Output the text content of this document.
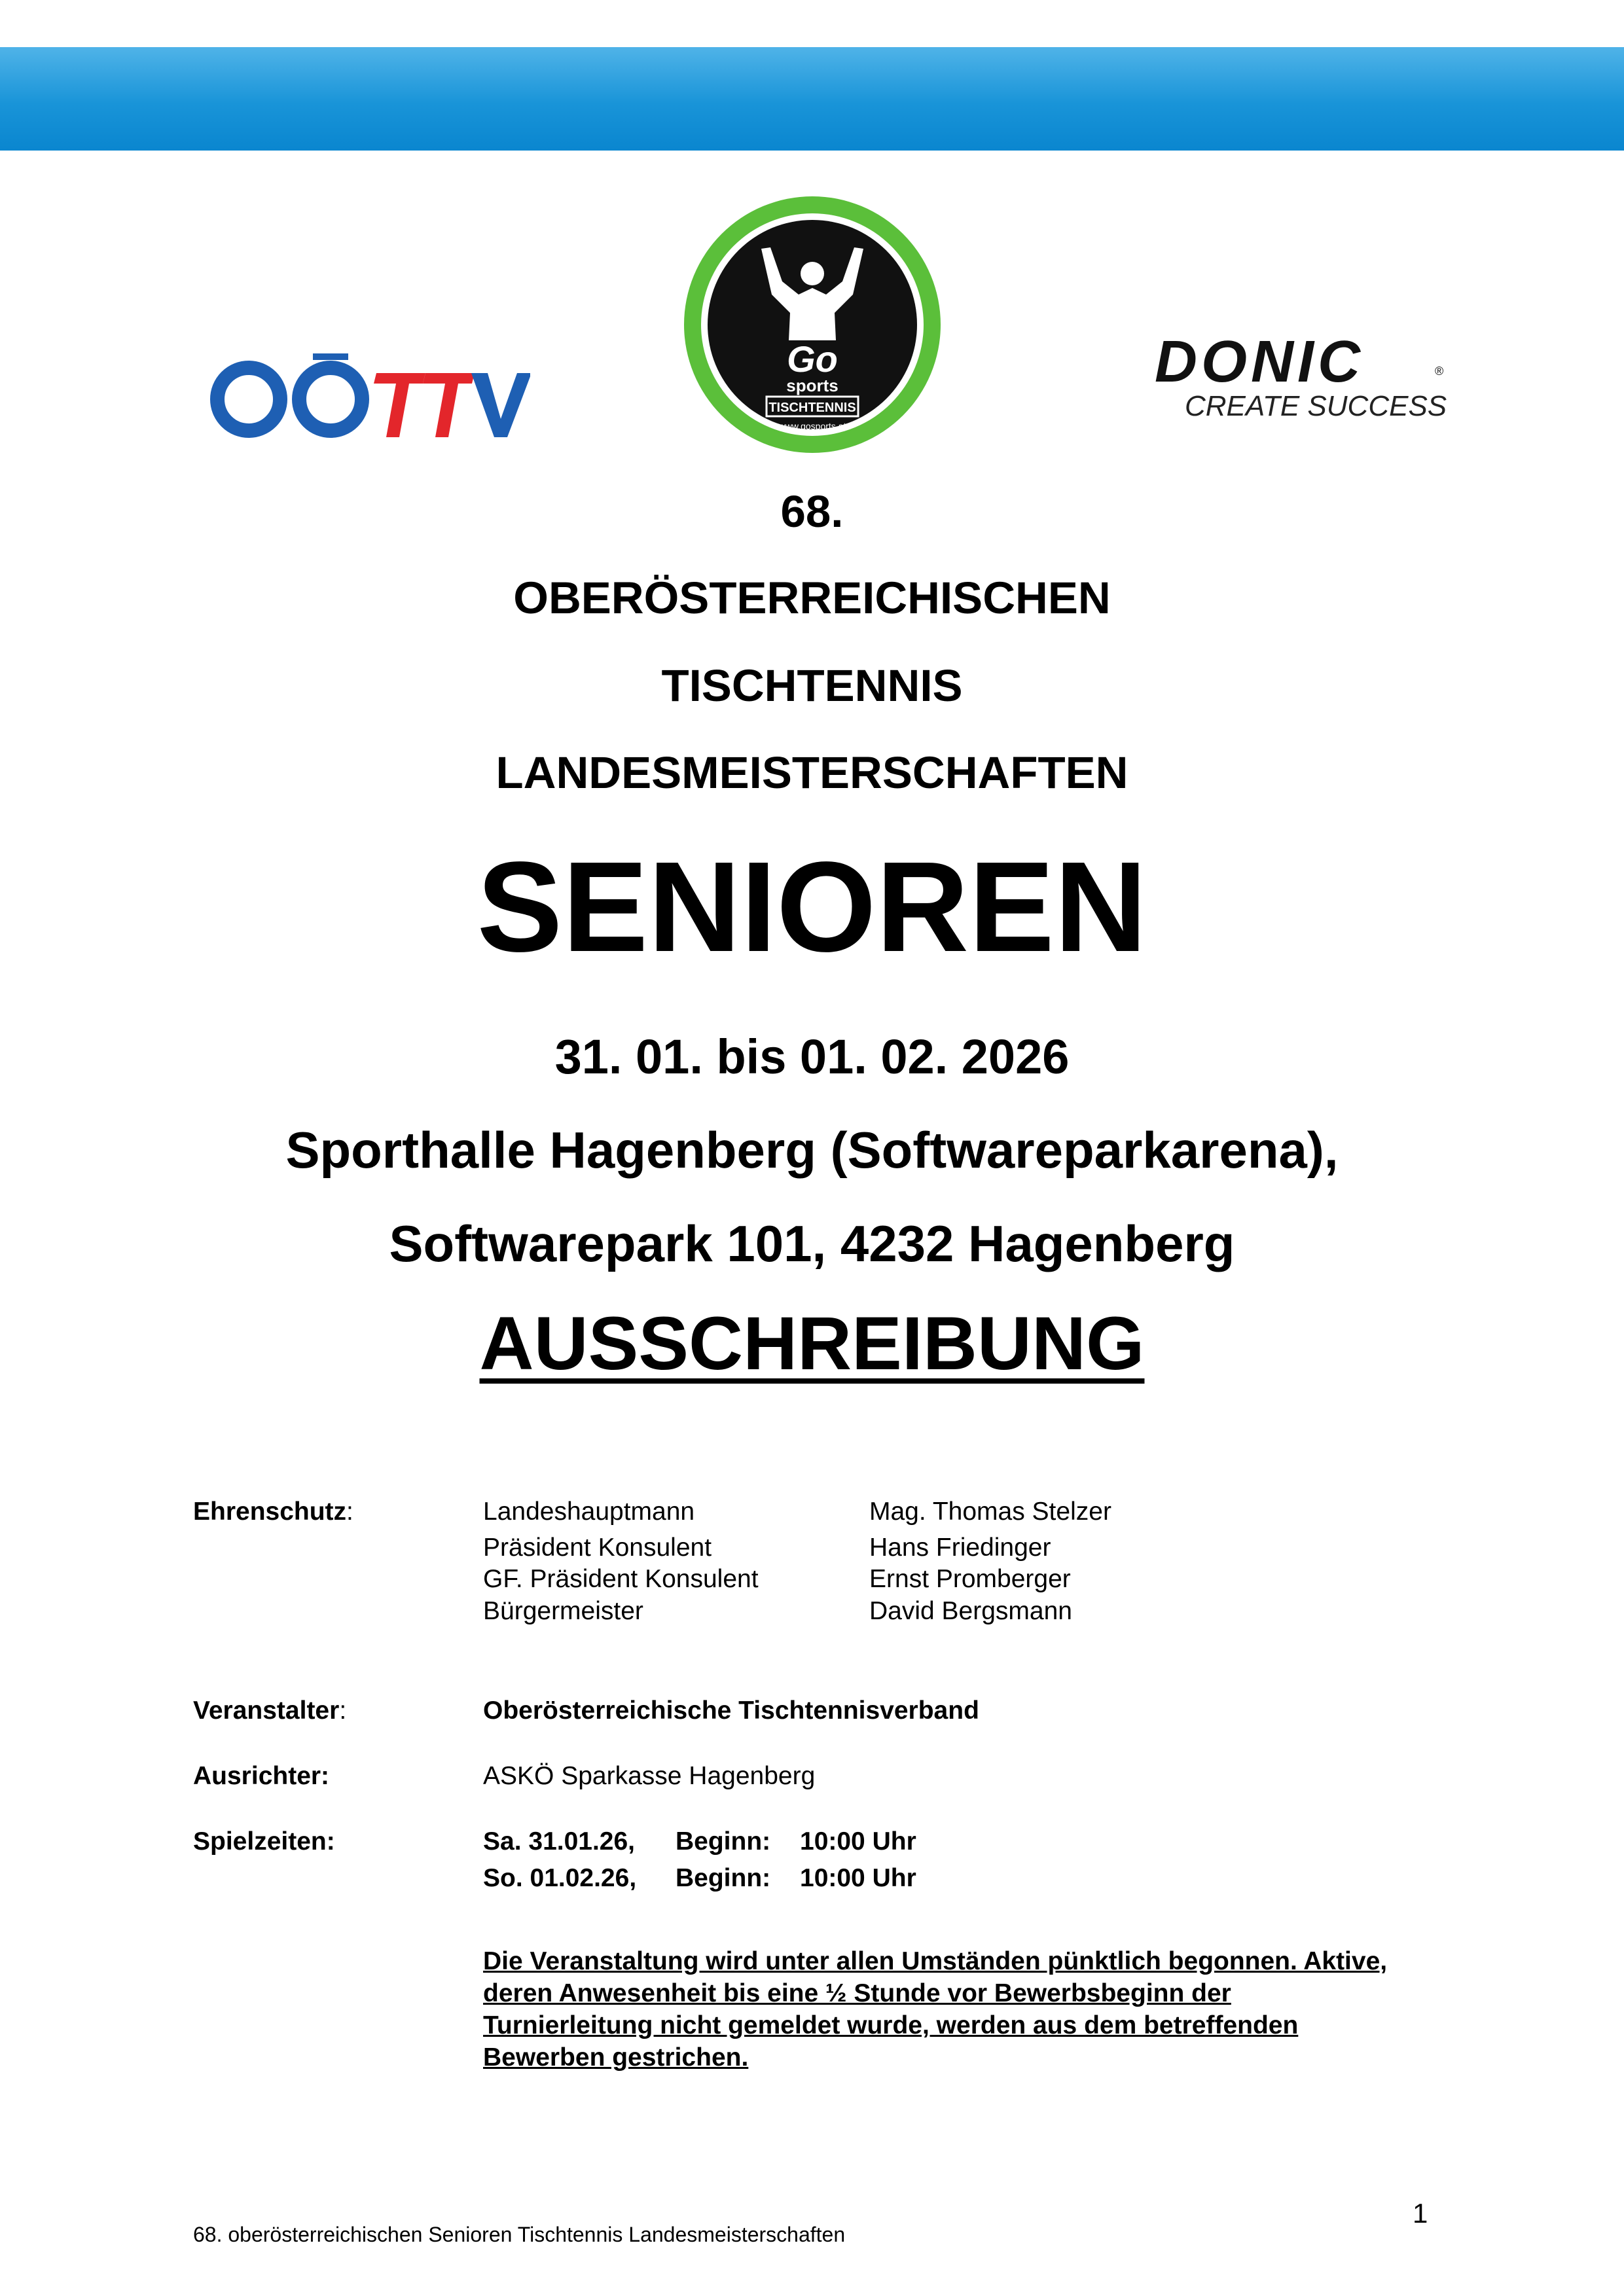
Go
sports
TISCHTENNIS
www.gosports.at
DONIC	®
CREATE SUCCESS
68.
OBERÖSTERREICHISCHEN
TISCHTENNIS
LANDESMEISTERSCHAFTEN
SENIOREN
31. 01. bis 01. 02. 2026
Sporthalle Hagenberg (Softwareparkarena),
Softwarepark 101, 4232 Hagenberg
AUSSCHREIBUNG
Ehrenschutz:	Landeshauptmann	Mag. Thomas Stelzer
Präsident Konsulent	Hans Friedinger
GF. Präsident Konsulent	Ernst Promberger
Bürgermeister	David Bergsmann
Veranstalter:	Oberösterreichische Tischtennisverband
Ausrichter:	ASKÖ Sparkasse Hagenberg
Spielzeiten:	Sa. 31.01.26, Beginn: 10:00 Uhr
So. 01.02.26, Beginn: 10:00 Uhr
Die Veranstaltung wird unter allen Umständen pünktlich begonnen. Aktive, deren Anwesenheit bis eine ½ Stunde vor Bewerbsbeginn der Turnierleitung nicht gemeldet wurde, werden aus dem betreffenden Bewerben gestrichen.
1
68. oberösterreichischen Senioren Tischtennis Landesmeisterschaften
